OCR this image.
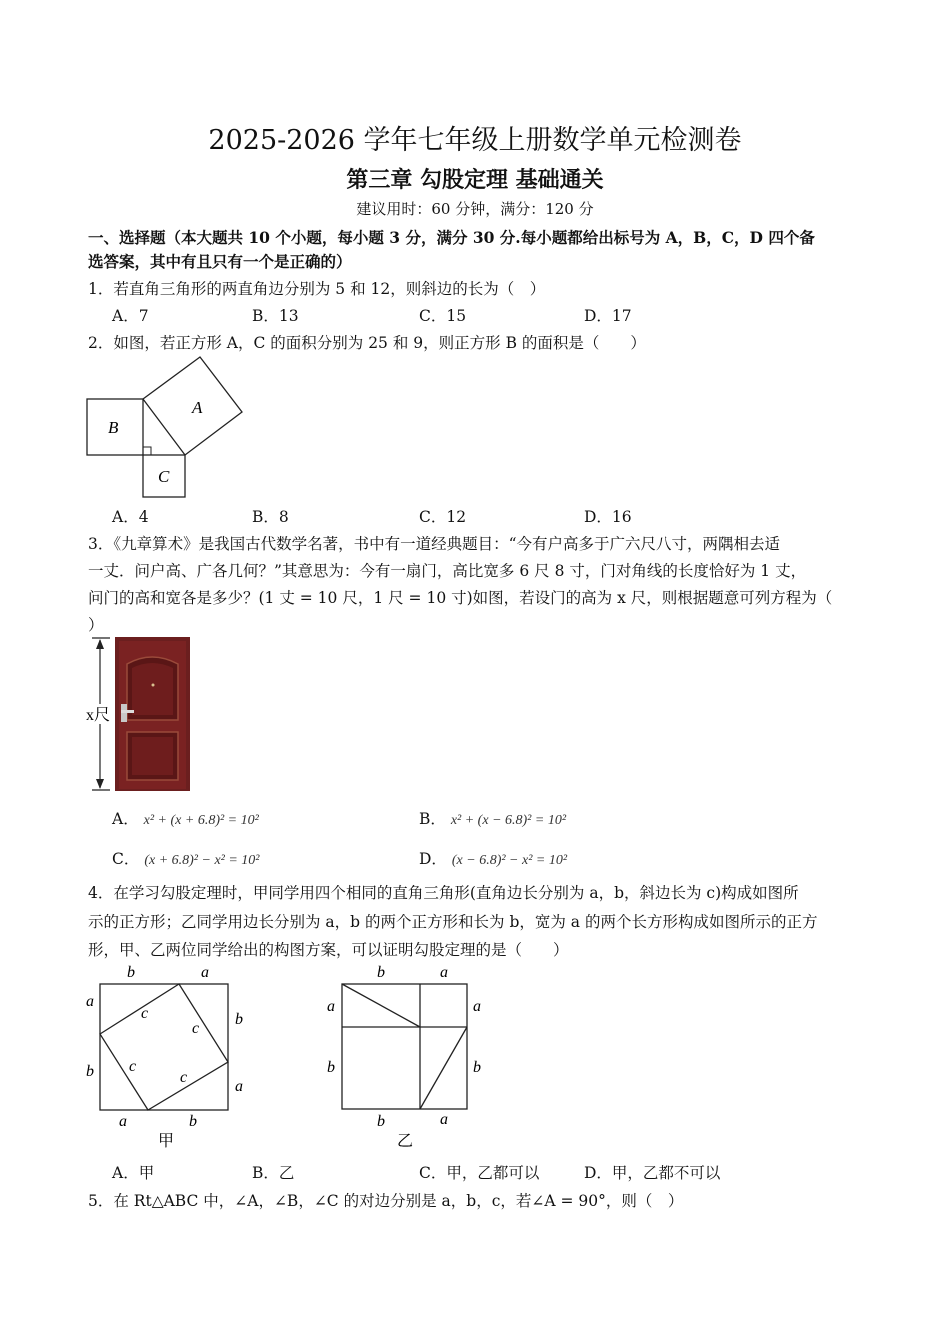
2025-2026 学年七年级上册数学单元检测卷
第三章 勾股定理 基础通关
建议用时：60 分钟，满分：120 分
一、选择题（本大题共 10 个小题，每小题 3 分，满分 30 分.每小题都给出标号为 A，B，C，D 四个备
选答案，其中有且只有一个是正确的）
1．若直角三角形的两直角边分别为 5 和 12，则斜边的长为（　）
A．7	B．13	C．15	D．17
2．如图，若正方形 A，C 的面积分别为 25 和 9，则正方形 B 的面积是（　　）
A
B
C
A．4	B．8	C．12	D．16
3．《九章算术》是我国古代数学名著，书中有一道经典题目：“今有户高多于广六尺八寸，两隅相去适
一丈．问户高、广各几何？”其意思为：今有一扇门，高比宽多 6 尺 8 寸，门对角线的长度恰好为 1 丈，
问门的高和宽各是多少？(1 丈 = 10 尺，1 尺 = 10 寸)如图，若设门的高为 x 尺，则根据题意可列方程为（
）
x尺
A． x² + (x + 6.8)² = 10²	B． x² + (x − 6.8)² = 10²
C． (x + 6.8)² − x² = 10²	D． (x − 6.8)² − x² = 10²
4．在学习勾股定理时，甲同学用四个相同的直角三角形(直角边长分别为 a，b，斜边长为 c)构成如图所
示的正方形；乙同学用边长分别为 a，b 的两个正方形和长为 b，宽为 a 的两个长方形构成如图所示的正方
形，甲、乙两位同学给出的构图方案，可以证明勾股定理的是（　　）
b	a
a
b
b
a
a	b
c
c
c
c
甲
b	a
a
b
a
b
b	a
乙
A．甲	B．乙	C．甲，乙都可以	D．甲，乙都不可以
5．在 Rt△ABC 中，∠A，∠B，∠C 的对边分别是 a，b，c，若∠A = 90°，则（　）
